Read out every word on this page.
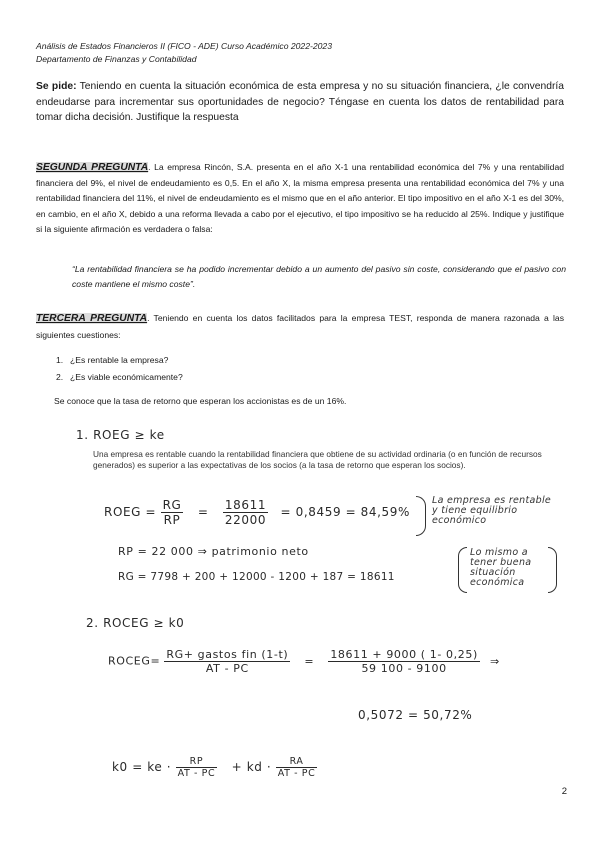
Análisis de Estados Financieros II (FICO - ADE) Curso Académico 2022-2023
Departamento de Finanzas y Contabilidad
Se pide: Teniendo en cuenta la situación económica de esta empresa y no su situación financiera, ¿le convendría endeudarse para incrementar sus oportunidades de negocio? Téngase en cuenta los datos de rentabilidad para tomar dicha decisión. Justifique la respuesta
SEGUNDA PREGUNTA. La empresa Rincón, S.A. presenta en el año X-1 una rentabilidad económica del 7% y una rentabilidad financiera del 9%, el nivel de endeudamiento es 0,5. En el año X, la misma empresa presenta una rentabilidad económica del 7% y una rentabilidad financiera del 11%, el nivel de endeudamiento es el mismo que en el año anterior. El tipo impositivo en el año X-1 es del 30%, en cambio, en el año X, debido a una reforma llevada a cabo por el ejecutivo, el tipo impositivo se ha reducido al 25%. Indique y justifique si la siguiente afirmación es verdadera o falsa:
“La rentabilidad financiera se ha podido incrementar debido a un aumento del pasivo sin coste, considerando que el pasivo con coste mantiene el mismo coste”.
TERCERA PREGUNTA. Teniendo en cuenta los datos facilitados para la empresa TEST, responda de manera razonada a las siguientes cuestiones:
1. ¿Es rentable la empresa?
2. ¿Es viable económicamente?
Se conoce que la tasa de retorno que esperan los accionistas es de un 16%.
1. ROEG ≥ ke
Una empresa es rentable cuando la rentabilidad financiera que obtiene de su actividad ordinaria (o en función de recursos generados) es superior a las expectativas de los socios (a la tasa de retorno que esperan los socios).
ROEG = $\frac{RG}{RP} = \frac{18611}{22000} = 0,8459 = 84,59\%$
La empresa es rentable y tiene equilibrio económico
RP = 22 000 ⇒ patrimonio neto
RG = 7798 + 200 + 12000 - 1200 + 187 = 18611
Lo mismo a tener buena situación económica
2. ROCEG ≥ k0
ROCEG= $\frac{\text{RG+ gastos fin (1-t)}}{AT - PC} = \frac{18611 + 9000 ( 1- 0,25)}{59 100 - 9100}$ ⇒
0,5072 = 50,72%
k0 = ke · $\frac{RP}{AT - PC}$ + kd · $\frac{RA}{AT - PC}$
2
